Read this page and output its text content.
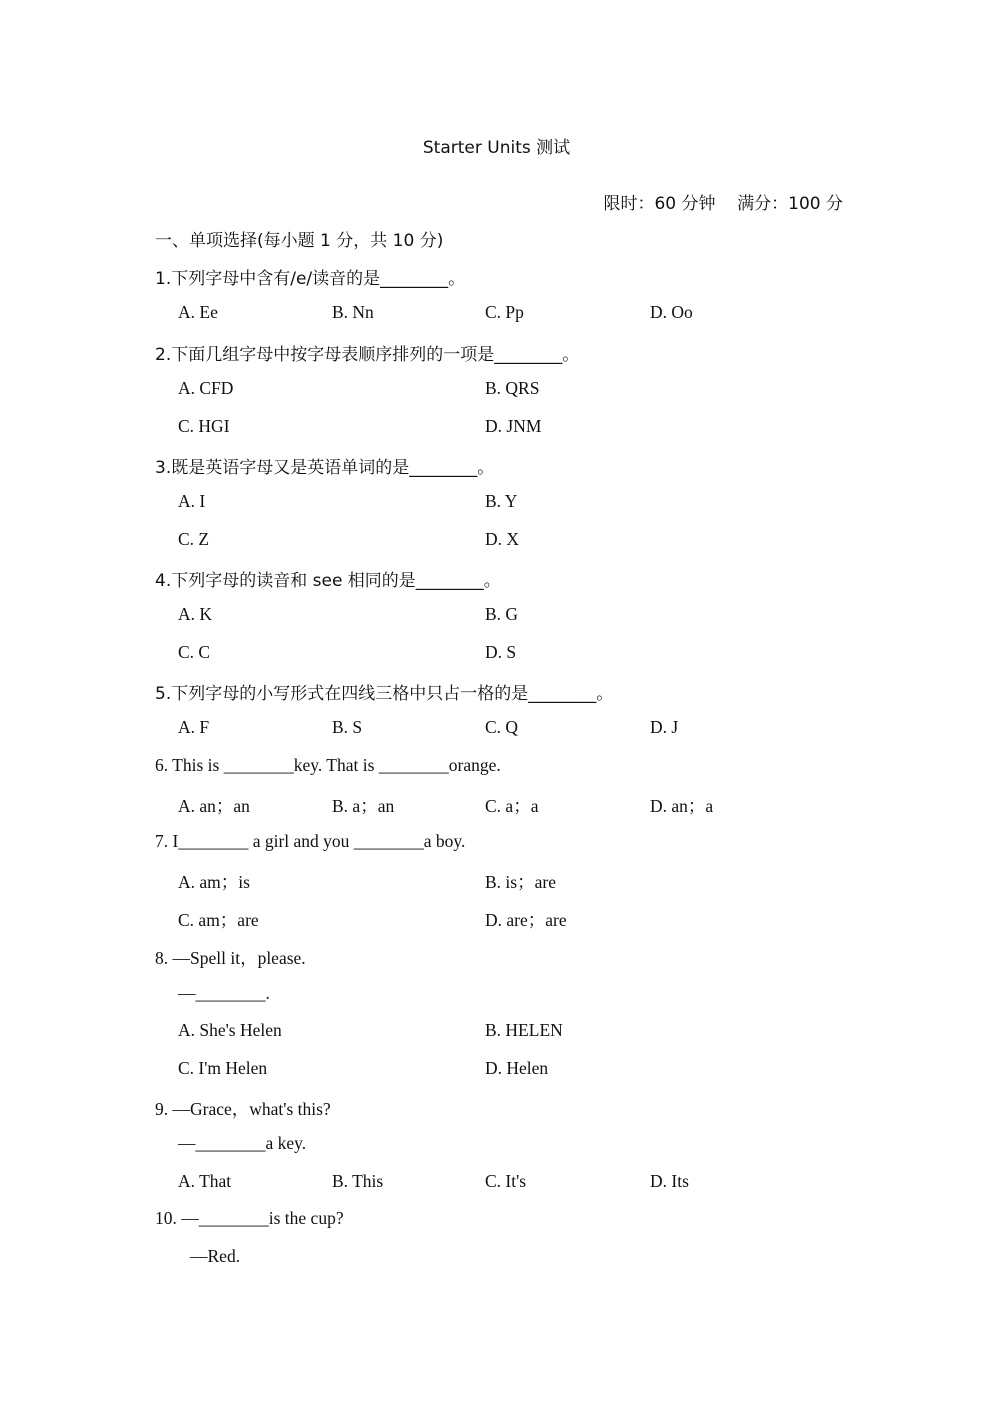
Starter Units 测试
限时：60 分钟 满分：100 分
一、单项选择(每小题 1 分，共 10 分)
1.下列字母中含有/e/读音的是________。
A. Ee	B. Nn	C. Pp	D. Oo
2.下面几组字母中按字母表顺序排列的一项是________。
A. CFD	B. QRS
C. HGI	D. JNM
3.既是英语字母又是英语单词的是________。
A. I	B. Y
C. Z	D. X
4.下列字母的读音和 see 相同的是________。
A. K	B. G
C. C	D. S
5.下列字母的小写形式在四线三格中只占一格的是________。
A. F	B. S	C. Q	D. J
6. This is ________key. That is ________orange.
A. an；an	B. a；an	C. a；a	D. an；a
7. I________ a girl and you ________a boy.
A. am；is	B. is；are
C. am；are	D. are；are
8. —Spell it，please.
—________.
A. She's Helen	B. HELEN
C. I'm Helen	D. Helen
9. —Grace，what's this?
—________a key.
A. That	B. This	C. It's	D. Its
10. —________is the cup?
—Red.
